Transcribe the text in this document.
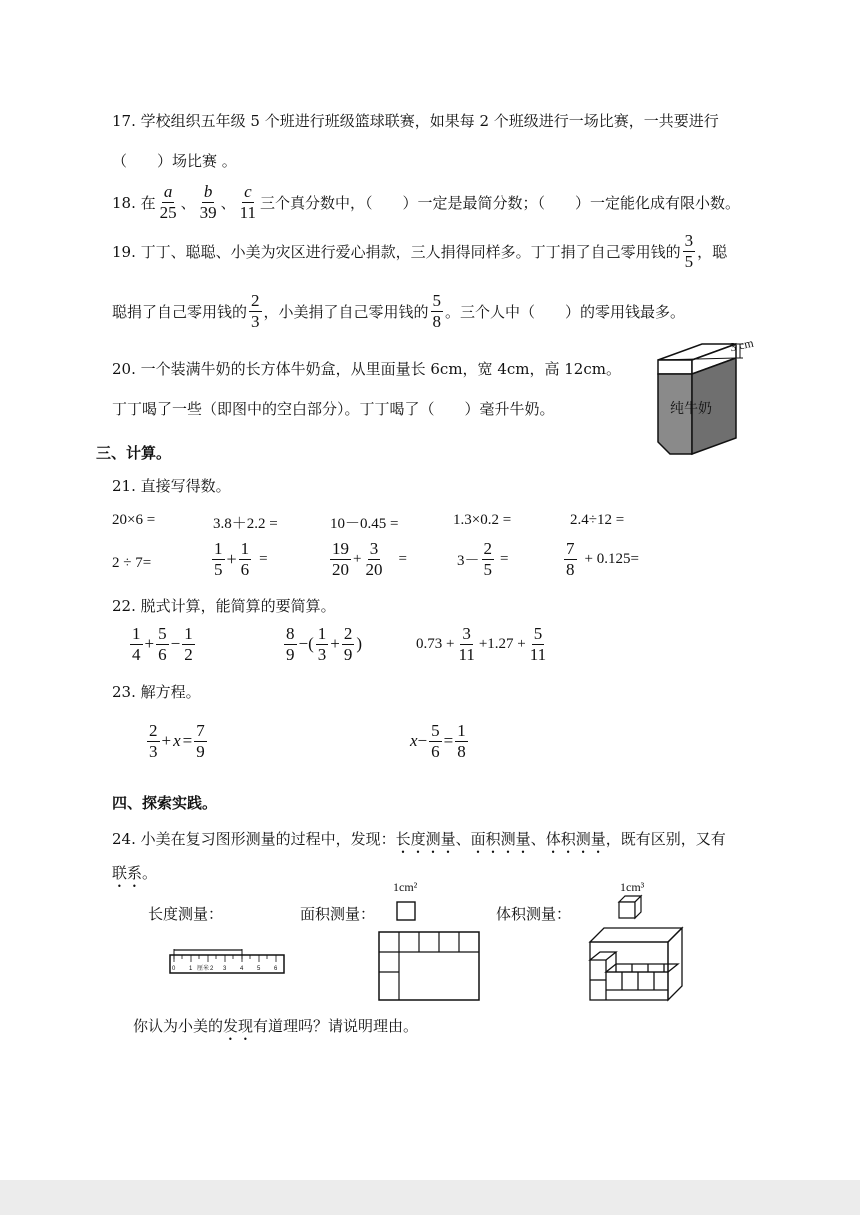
17. 学校组织五年级 5 个班进行班级篮球联赛，如果每 2 个班级进行一场比赛，一共要进行
（　　）场比赛 。
18. 在 $\frac{a}{25}$ 、 $\frac{b}{39}$ 、 $\frac{c}{11}$ 三个真分数中，（　　）一定是最简分数；（　　）一定能化成有限小数。
19. 丁丁、聪聪、小美为灾区进行爱心捐款，三人捐得同样多。丁丁捐了自己零用钱的 $\frac{3}{5}$ ，聪
聪捐了自己零用钱的 $\frac{2}{3}$ ，小美捐了自己零用钱的 $\frac{5}{8}$ 。三个人中（　　）的零用钱最多。
20. 一个装满牛奶的长方体牛奶盒，从里面量长 6cm，宽 4cm，高 12cm。
丁丁喝了一些（即图中的空白部分）。丁丁喝了（　　）毫升牛奶。
3 cm
纯牛奶
三、计算。
21. 直接写得数。
20×6 =	3.8＋2.2 =	10－0.45 =	1.3×0.2 =	2.4÷12 =
2 ÷ 7=	$\frac{1}{5} + \frac{1}{6}$ =	$\frac{19}{20} + \frac{3}{20}$ =	$3- \frac{2}{5}$ =	$\frac{7}{8} + 0.125=$
22. 脱式计算，能简算的要简算。
$\frac{1}{4} + \frac{5}{6} - \frac{1}{2}$	$\frac{8}{9}$ −( $\frac{1}{3} + \frac{2}{9}$ )	$0.73 + \frac{3}{11} +1.27 + \frac{5}{11}$
23. 解方程。
$\frac{2}{3} + x = \frac{7}{9}$	$x - \frac{5}{6} = \frac{1}{8}$
四、探索实践。
24. 小美在复习图形测量的过程中，发现：长度测量、面积测量、体积测量，既有区别，又有
联系。
长度测量：	面积测量：	体积测量：
1cm²	1cm³
0 1 厘米 2 3 4 5 6
你认为小美的发现有道理吗？请说明理由。
